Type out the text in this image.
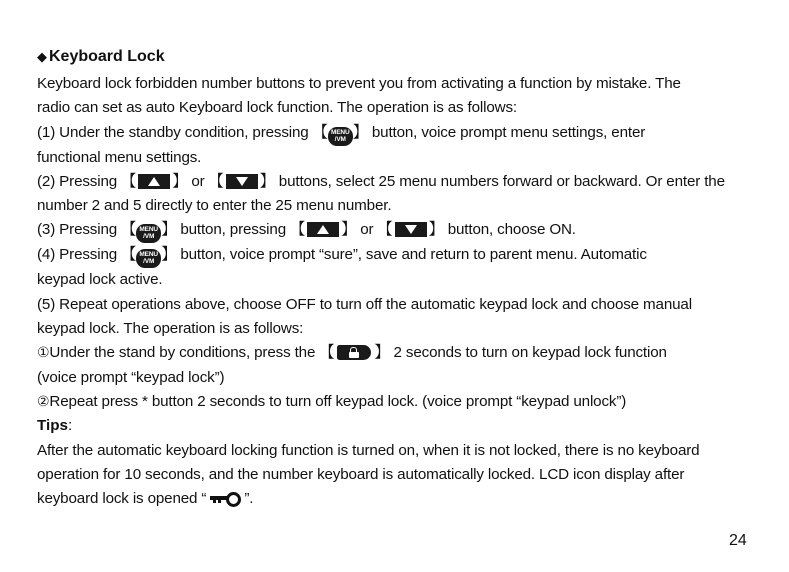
◆ Keyboard Lock
Keyboard lock forbidden number buttons to prevent you from activating a function by mistake. The
radio can set as auto Keyboard lock function. The operation is as follows:
(1) Under the standby condition, pressing 【 MENU
/VM 】 button, voice prompt menu settings, enter
functional menu settings.
(2) Pressing 【 】 or 【 】 buttons, select 25 menu numbers forward or backward. Or enter the
number 2 and 5 directly to enter the 25 menu number.
(3) Pressing 【 MENU
/VM 】 button, pressing 【 】 or 【 】 button, choose ON.
(4) Pressing 【 MENU
/VM 】 button, voice prompt “sure”, save and return to parent menu. Automatic
keypad lock active.
(5) Repeat operations above, choose OFF to turn off the automatic keypad lock and choose manual
keypad lock. The operation is as follows:
①Under the stand by conditions, press the 【	】 2 seconds to turn on keypad lock function
(voice prompt “keypad lock”)
②Repeat press * button 2 seconds to turn off keypad lock. (voice prompt “keypad unlock”)
Tips:
After the automatic keyboard locking function is turned on, when it is not locked, there is no keyboard
operation for 10 seconds, and the number keyboard is automatically locked. LCD icon display after
keyboard lock is opened “	”.
24
